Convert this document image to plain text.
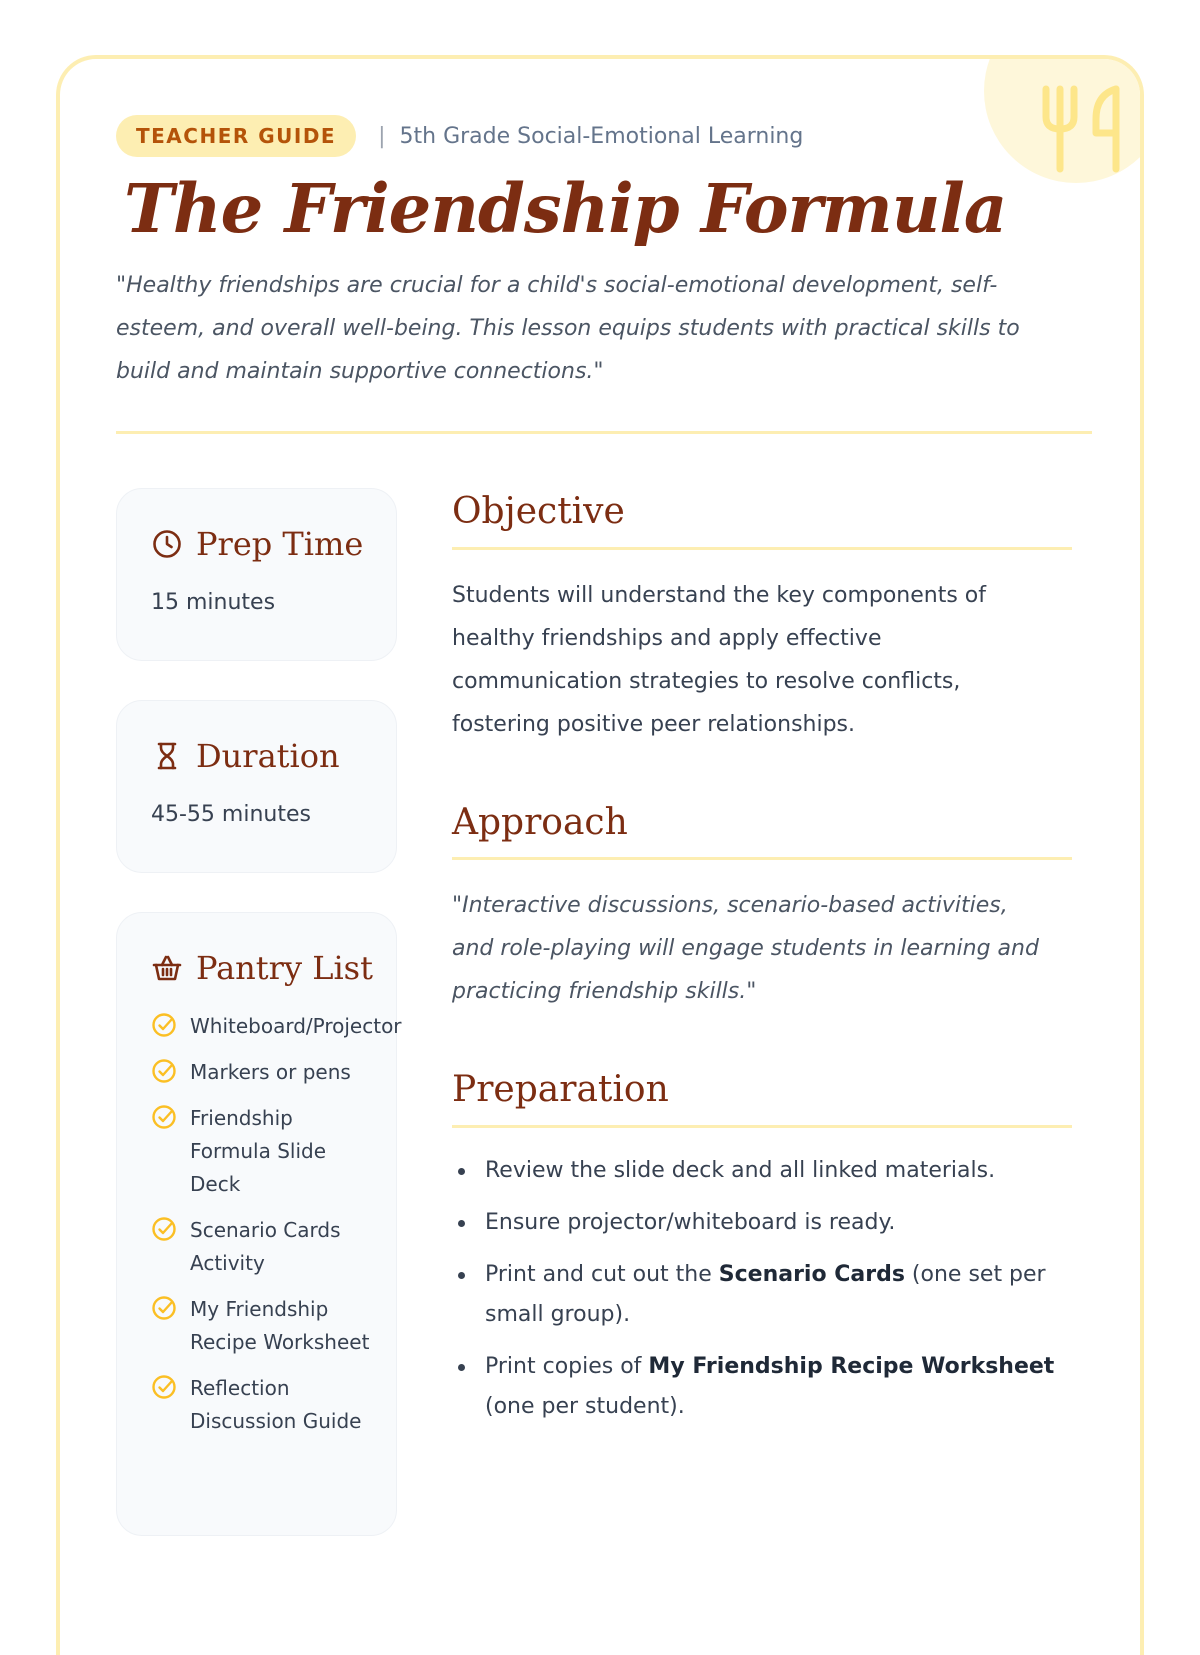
TEACHER GUIDE	| 5th Grade Social-Emotional Learning
The Friendship Formula

"Healthy friendships are crucial for a child's social-emotional development, self-esteem, and overall well-being. This lesson equips students with practical skills to build and maintain supportive connections."

Prep Time
15 minutes
Duration
45-55 minutes
Pantry List
Whiteboard/Projector
Markers or pens
Friendship Formula Slide Deck
Scenario Cards Activity
My Friendship Recipe Worksheet
Reflection Discussion Guide
Objective

Students will understand the key components of healthy friendships and apply effective communication strategies to resolve conflicts, fostering positive peer relationships.

Approach

"Interactive discussions, scenario-based activities, and role-playing will engage students in learning and practicing friendship skills."

Preparation
Review the slide deck and all linked materials.
Ensure projector/whiteboard is ready.
Print and cut out the Scenario Cards (one set per small group).
Print copies of My Friendship Recipe Worksheet (one per student).
